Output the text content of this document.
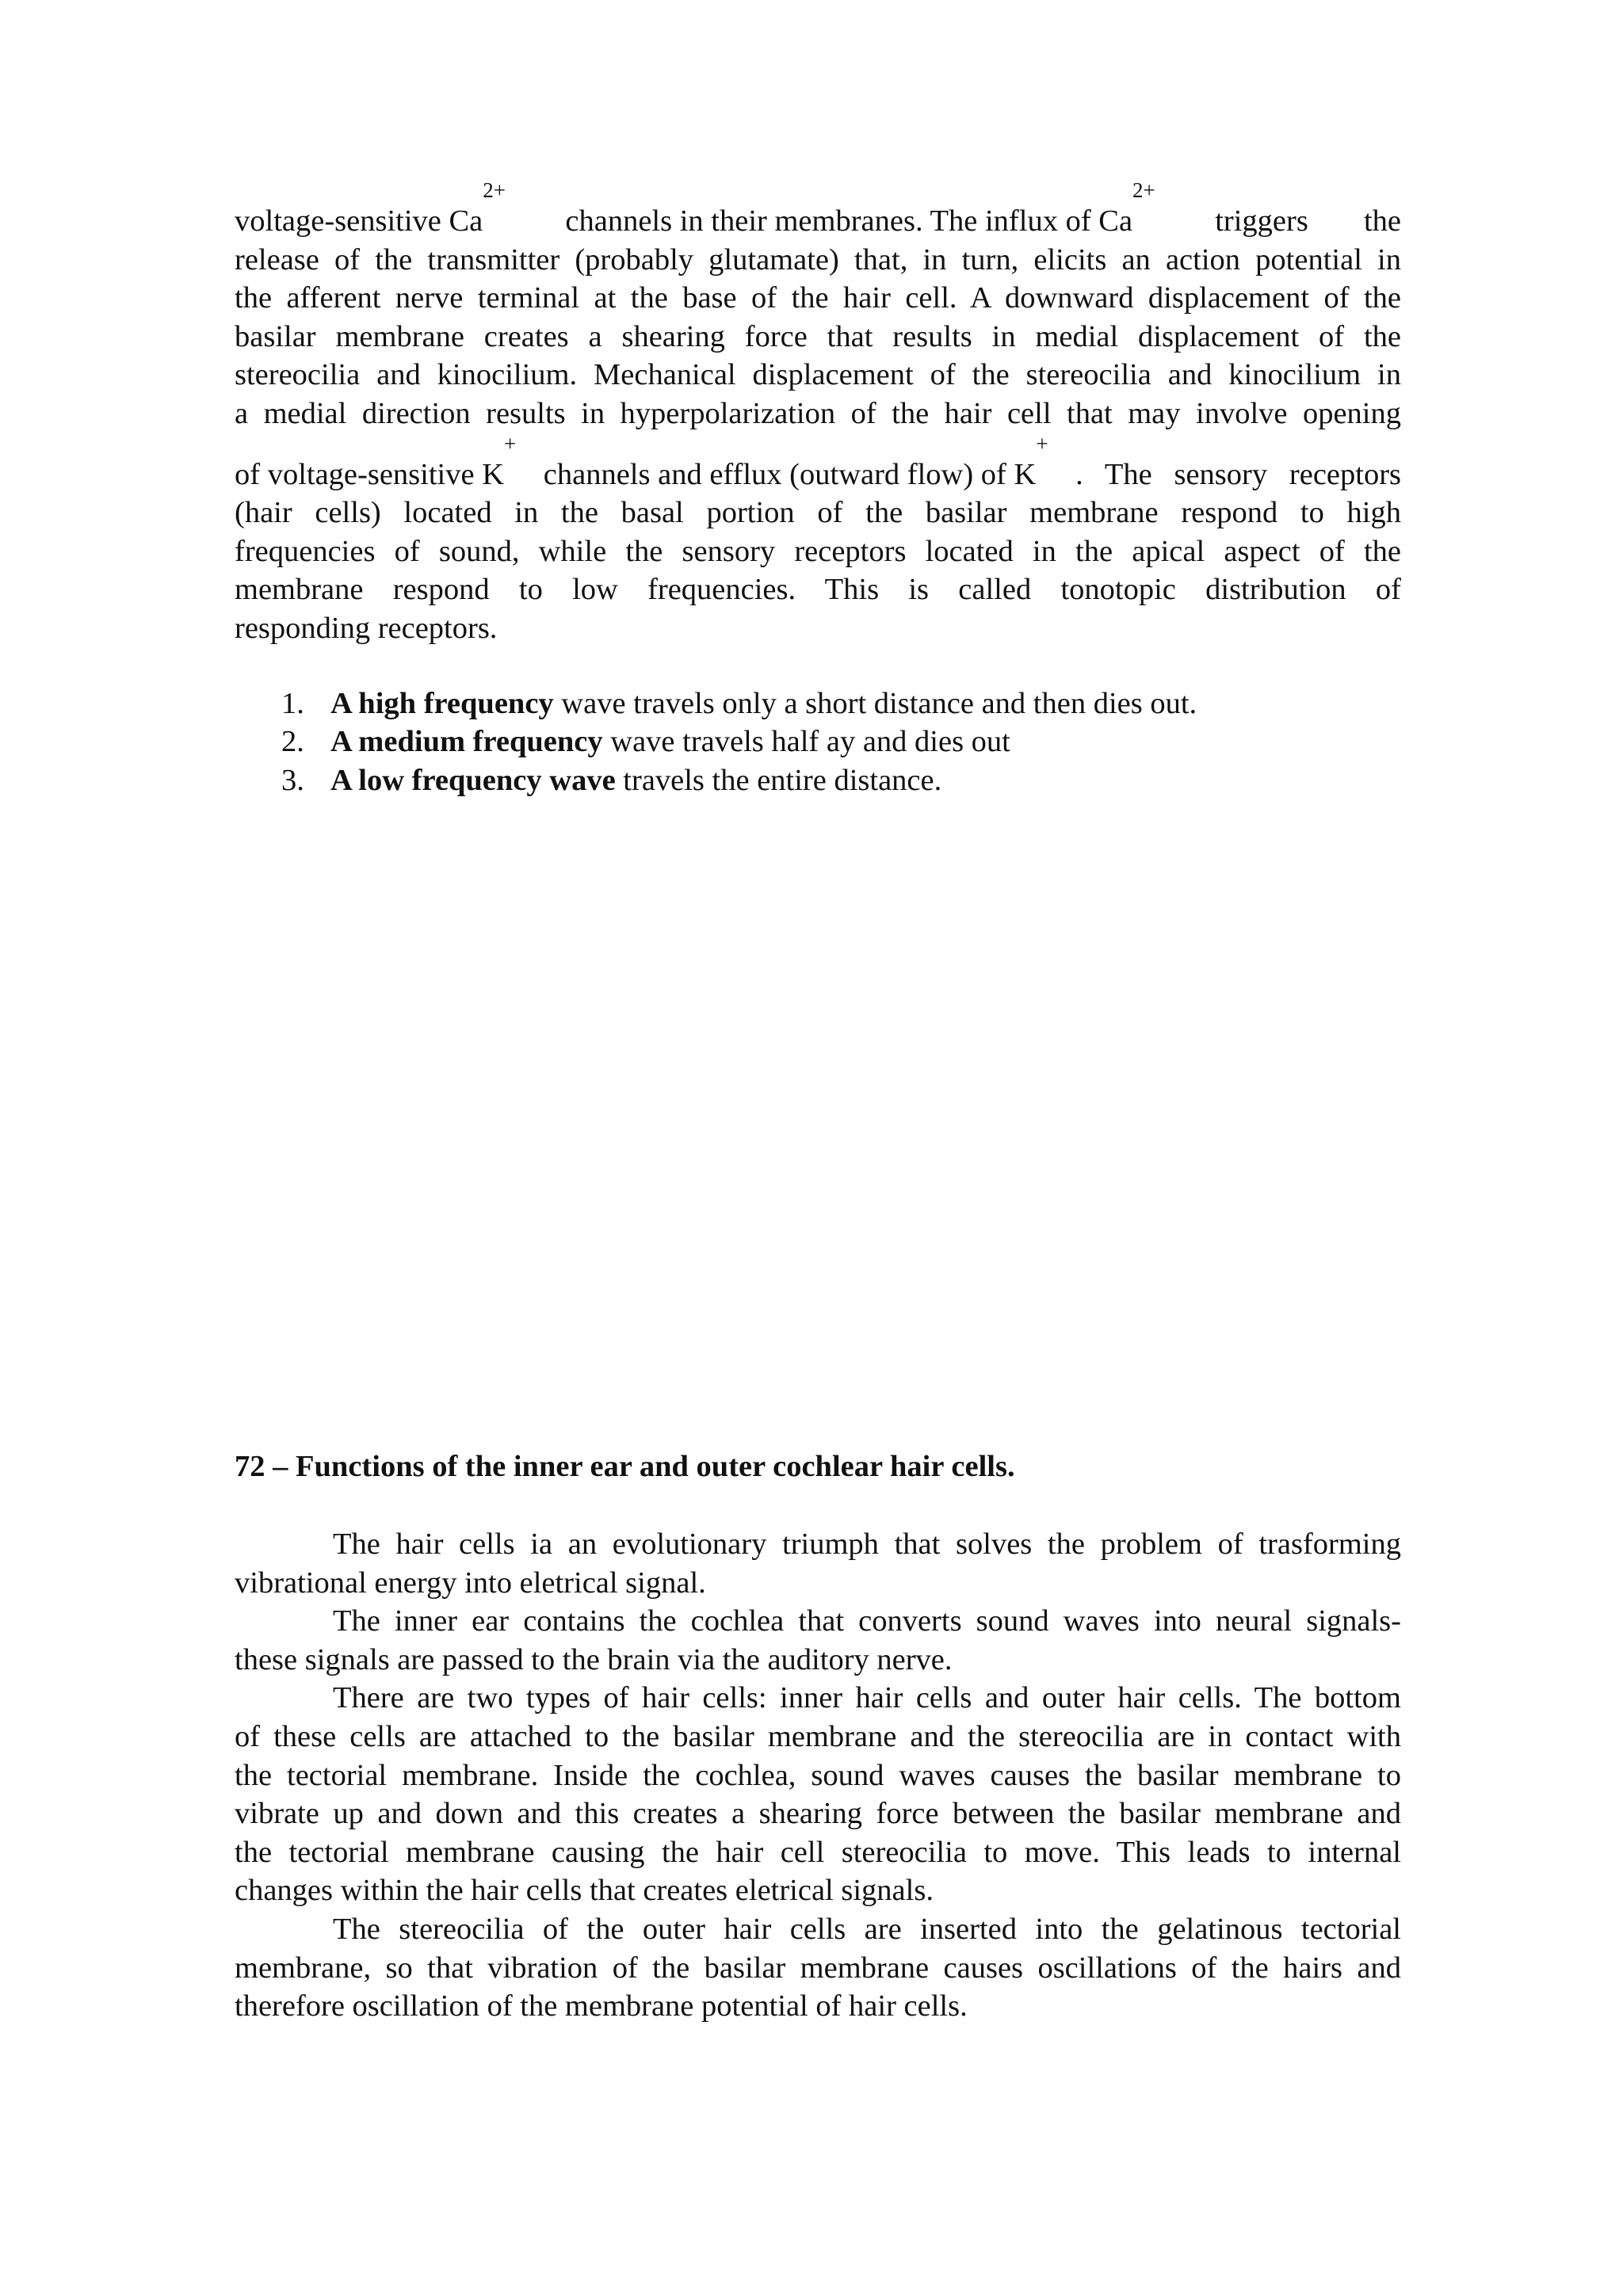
voltage-sensitive Ca
2+
channels in their membranes. The influx of Ca
2+
triggers the
release of the transmitter (probably glutamate) that, in turn, elicits an action potential in
the afferent nerve terminal at the base of the hair cell. A downward displacement of the
basilar membrane creates a shearing force that results in medial displacement of the
stereocilia and kinocilium. Mechanical displacement of the stereocilia and kinocilium in
a medial direction results in hyperpolarization of the hair cell that may involve opening
of voltage-sensitive K
+
channels and efflux (outward flow) of K
+
. The sensory receptors
(hair cells) located in the basal portion of the basilar membrane respond to high
frequencies of sound, while the sensory receptors located in the apical aspect of the
membrane respond to low frequencies. This is called tonotopic distribution of
responding receptors.
1. A high frequency wave travels only a short distance and then dies out.
2. A medium frequency wave travels half ay and dies out
3. A low frequency wave travels the entire distance.
72 – Functions of the inner ear and outer cochlear hair cells.
The hair cells ia an evolutionary triumph that solves the problem of trasforming
vibrational energy into eletrical signal.
The inner ear contains the cochlea that converts sound waves into neural signals-
these signals are passed to the brain via the auditory nerve.
There are two types of hair cells: inner hair cells and outer hair cells. The bottom
of these cells are attached to the basilar membrane and the stereocilia are in contact with
the tectorial membrane. Inside the cochlea, sound waves causes the basilar membrane to
vibrate up and down and this creates a shearing force between the basilar membrane and
the tectorial membrane causing the hair cell stereocilia to move. This leads to internal
changes within the hair cells that creates eletrical signals.
The stereocilia of the outer hair cells are inserted into the gelatinous tectorial
membrane, so that vibration of the basilar membrane causes oscillations of the hairs and
therefore oscillation of the membrane potential of hair cells.
